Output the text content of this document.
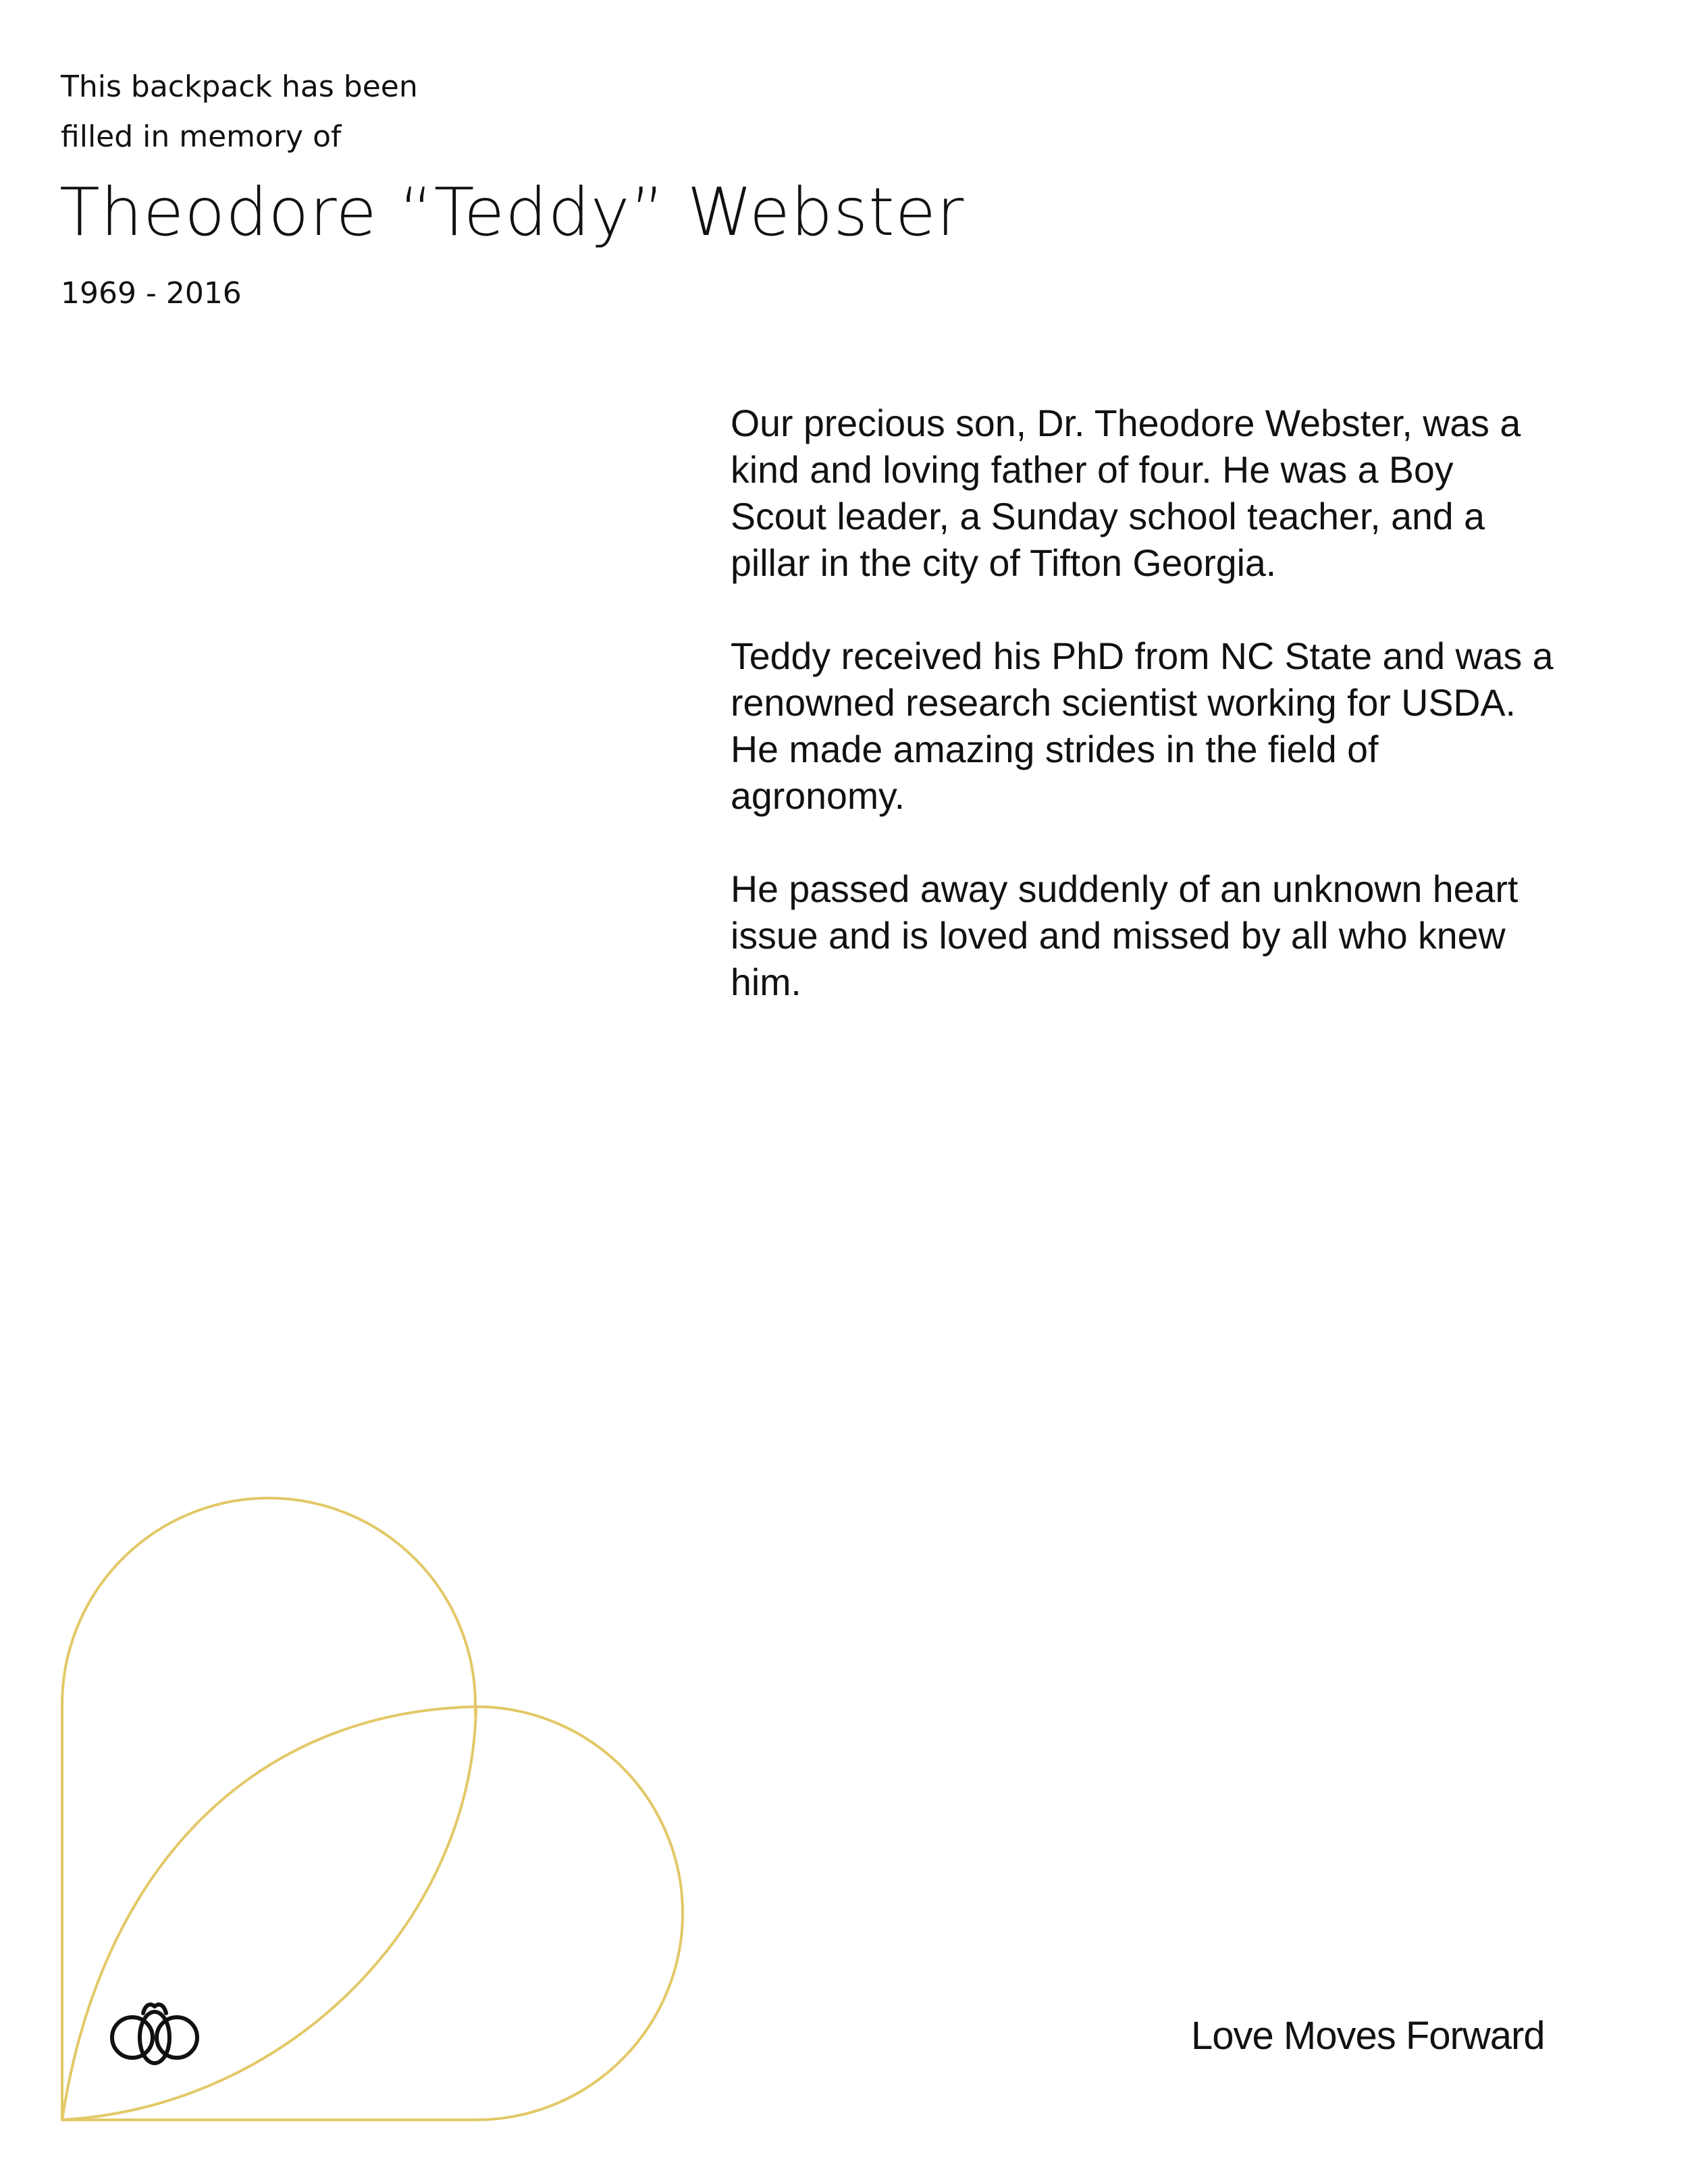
This backpack has been
filled in memory of
Theodore “Teddy” Webster
1969 - 2016

Our precious son, Dr. Theodore Webster, was a
kind and loving father of four. He was a Boy
Scout leader, a Sunday school teacher, and a
pillar in the city of Tifton Georgia.

Teddy received his PhD from NC State and was a
renowned research scientist working for USDA.
He made amazing strides in the field of
agronomy.

He passed away suddenly of an unknown heart
issue and is loved and missed by all who knew
him.

Love Moves Forward
